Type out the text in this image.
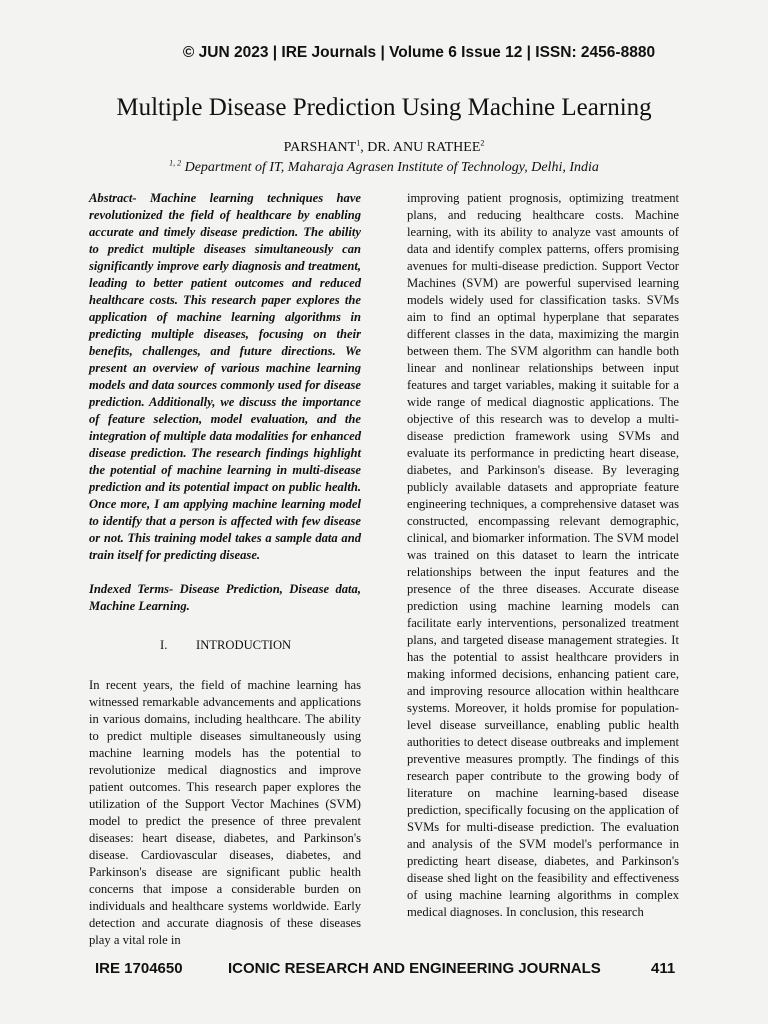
© JUN 2023 | IRE Journals | Volume 6 Issue 12 | ISSN: 2456-8880
Multiple Disease Prediction Using Machine Learning
PARSHANT$^1$, DR. ANU RATHEE$^2$
$^{1, 2}$ Department of IT, Maharaja Agrasen Institute of Technology, Delhi, India

Abstract- Machine learning techniques have revolutionized the field of healthcare by enabling accurate and timely disease prediction. The ability to predict multiple diseases simultaneously can significantly improve early diagnosis and treatment, leading to better patient outcomes and reduced healthcare costs. This research paper explores the application of machine learning algorithms in predicting multiple diseases, focusing on their benefits, challenges, and future directions. We present an overview of various machine learning models and data sources commonly used for disease prediction. Additionally, we discuss the importance of feature selection, model evaluation, and the integration of multiple data modalities for enhanced disease prediction. The research findings highlight the potential of machine learning in multi-disease prediction and its potential impact on public health. Once more, I am applying machine learning model to identify that a person is affected with few disease or not. This training model takes a sample data and train itself for predicting disease.

Indexed Terms- Disease Prediction, Disease data, Machine Learning.

I. INTRODUCTION

In recent years, the field of machine learning has witnessed remarkable advancements and applications in various domains, including healthcare. The ability to predict multiple diseases simultaneously using machine learning models has the potential to revolutionize medical diagnostics and improve patient outcomes. This research paper explores the utilization of the Support Vector Machines (SVM) model to predict the presence of three prevalent diseases: heart disease, diabetes, and Parkinson's disease. Cardiovascular diseases, diabetes, and Parkinson's disease are significant public health concerns that impose a considerable burden on individuals and healthcare systems worldwide. Early detection and accurate diagnosis of these diseases play a vital role in

improving patient prognosis, optimizing treatment plans, and reducing healthcare costs. Machine learning, with its ability to analyze vast amounts of data and identify complex patterns, offers promising avenues for multi-disease prediction. Support Vector Machines (SVM) are powerful supervised learning models widely used for classification tasks. SVMs aim to find an optimal hyperplane that separates different classes in the data, maximizing the margin between them. The SVM algorithm can handle both linear and nonlinear relationships between input features and target variables, making it suitable for a wide range of medical diagnostic applications. The objective of this research was to develop a multi-disease prediction framework using SVMs and evaluate its performance in predicting heart disease, diabetes, and Parkinson's disease. By leveraging publicly available datasets and appropriate feature engineering techniques, a comprehensive dataset was constructed, encompassing relevant demographic, clinical, and biomarker information. The SVM model was trained on this dataset to learn the intricate relationships between the input features and the presence of the three diseases. Accurate disease prediction using machine learning models can facilitate early interventions, personalized treatment plans, and targeted disease management strategies. It has the potential to assist healthcare providers in making informed decisions, enhancing patient care, and improving resource allocation within healthcare systems. Moreover, it holds promise for population-level disease surveillance, enabling public health authorities to detect disease outbreaks and implement preventive measures promptly. The findings of this research paper contribute to the growing body of literature on machine learning-based disease prediction, specifically focusing on the application of SVMs for multi-disease prediction. The evaluation and analysis of the SVM model's performance in predicting heart disease, diabetes, and Parkinson's disease shed light on the feasibility and effectiveness of using machine learning algorithms in complex medical diagnoses. In conclusion, this research

IRE 1704650	ICONIC RESEARCH AND ENGINEERING JOURNALS	411
